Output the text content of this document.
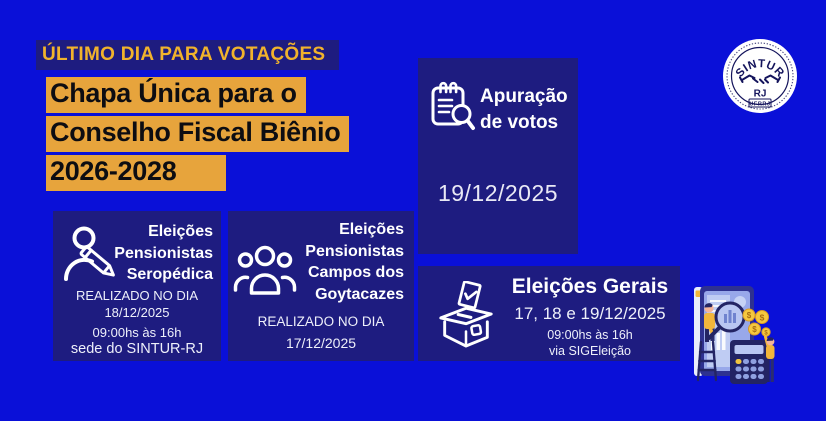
ÚLTIMO DIA PARA VOTAÇÕES
Chapa Única para o
Conselho Fiscal Biênio
2026-2028
SINTUR
RJ
UFRRJ
Apuração
de votos
19/12/2025
Eleições
Pensionistas
Seropédica
REALIZADO NO DIA
18/12/2025
09:00hs às 16h
sede do SINTUR-RJ
Eleições
Pensionistas
Campos dos
Goytacazes
REALIZADO NO DIA
17/12/2025
Eleições Gerais
17, 18 e 19/12/2025
09:00hs às 16h
via SIGEleição
$ $
$ $
